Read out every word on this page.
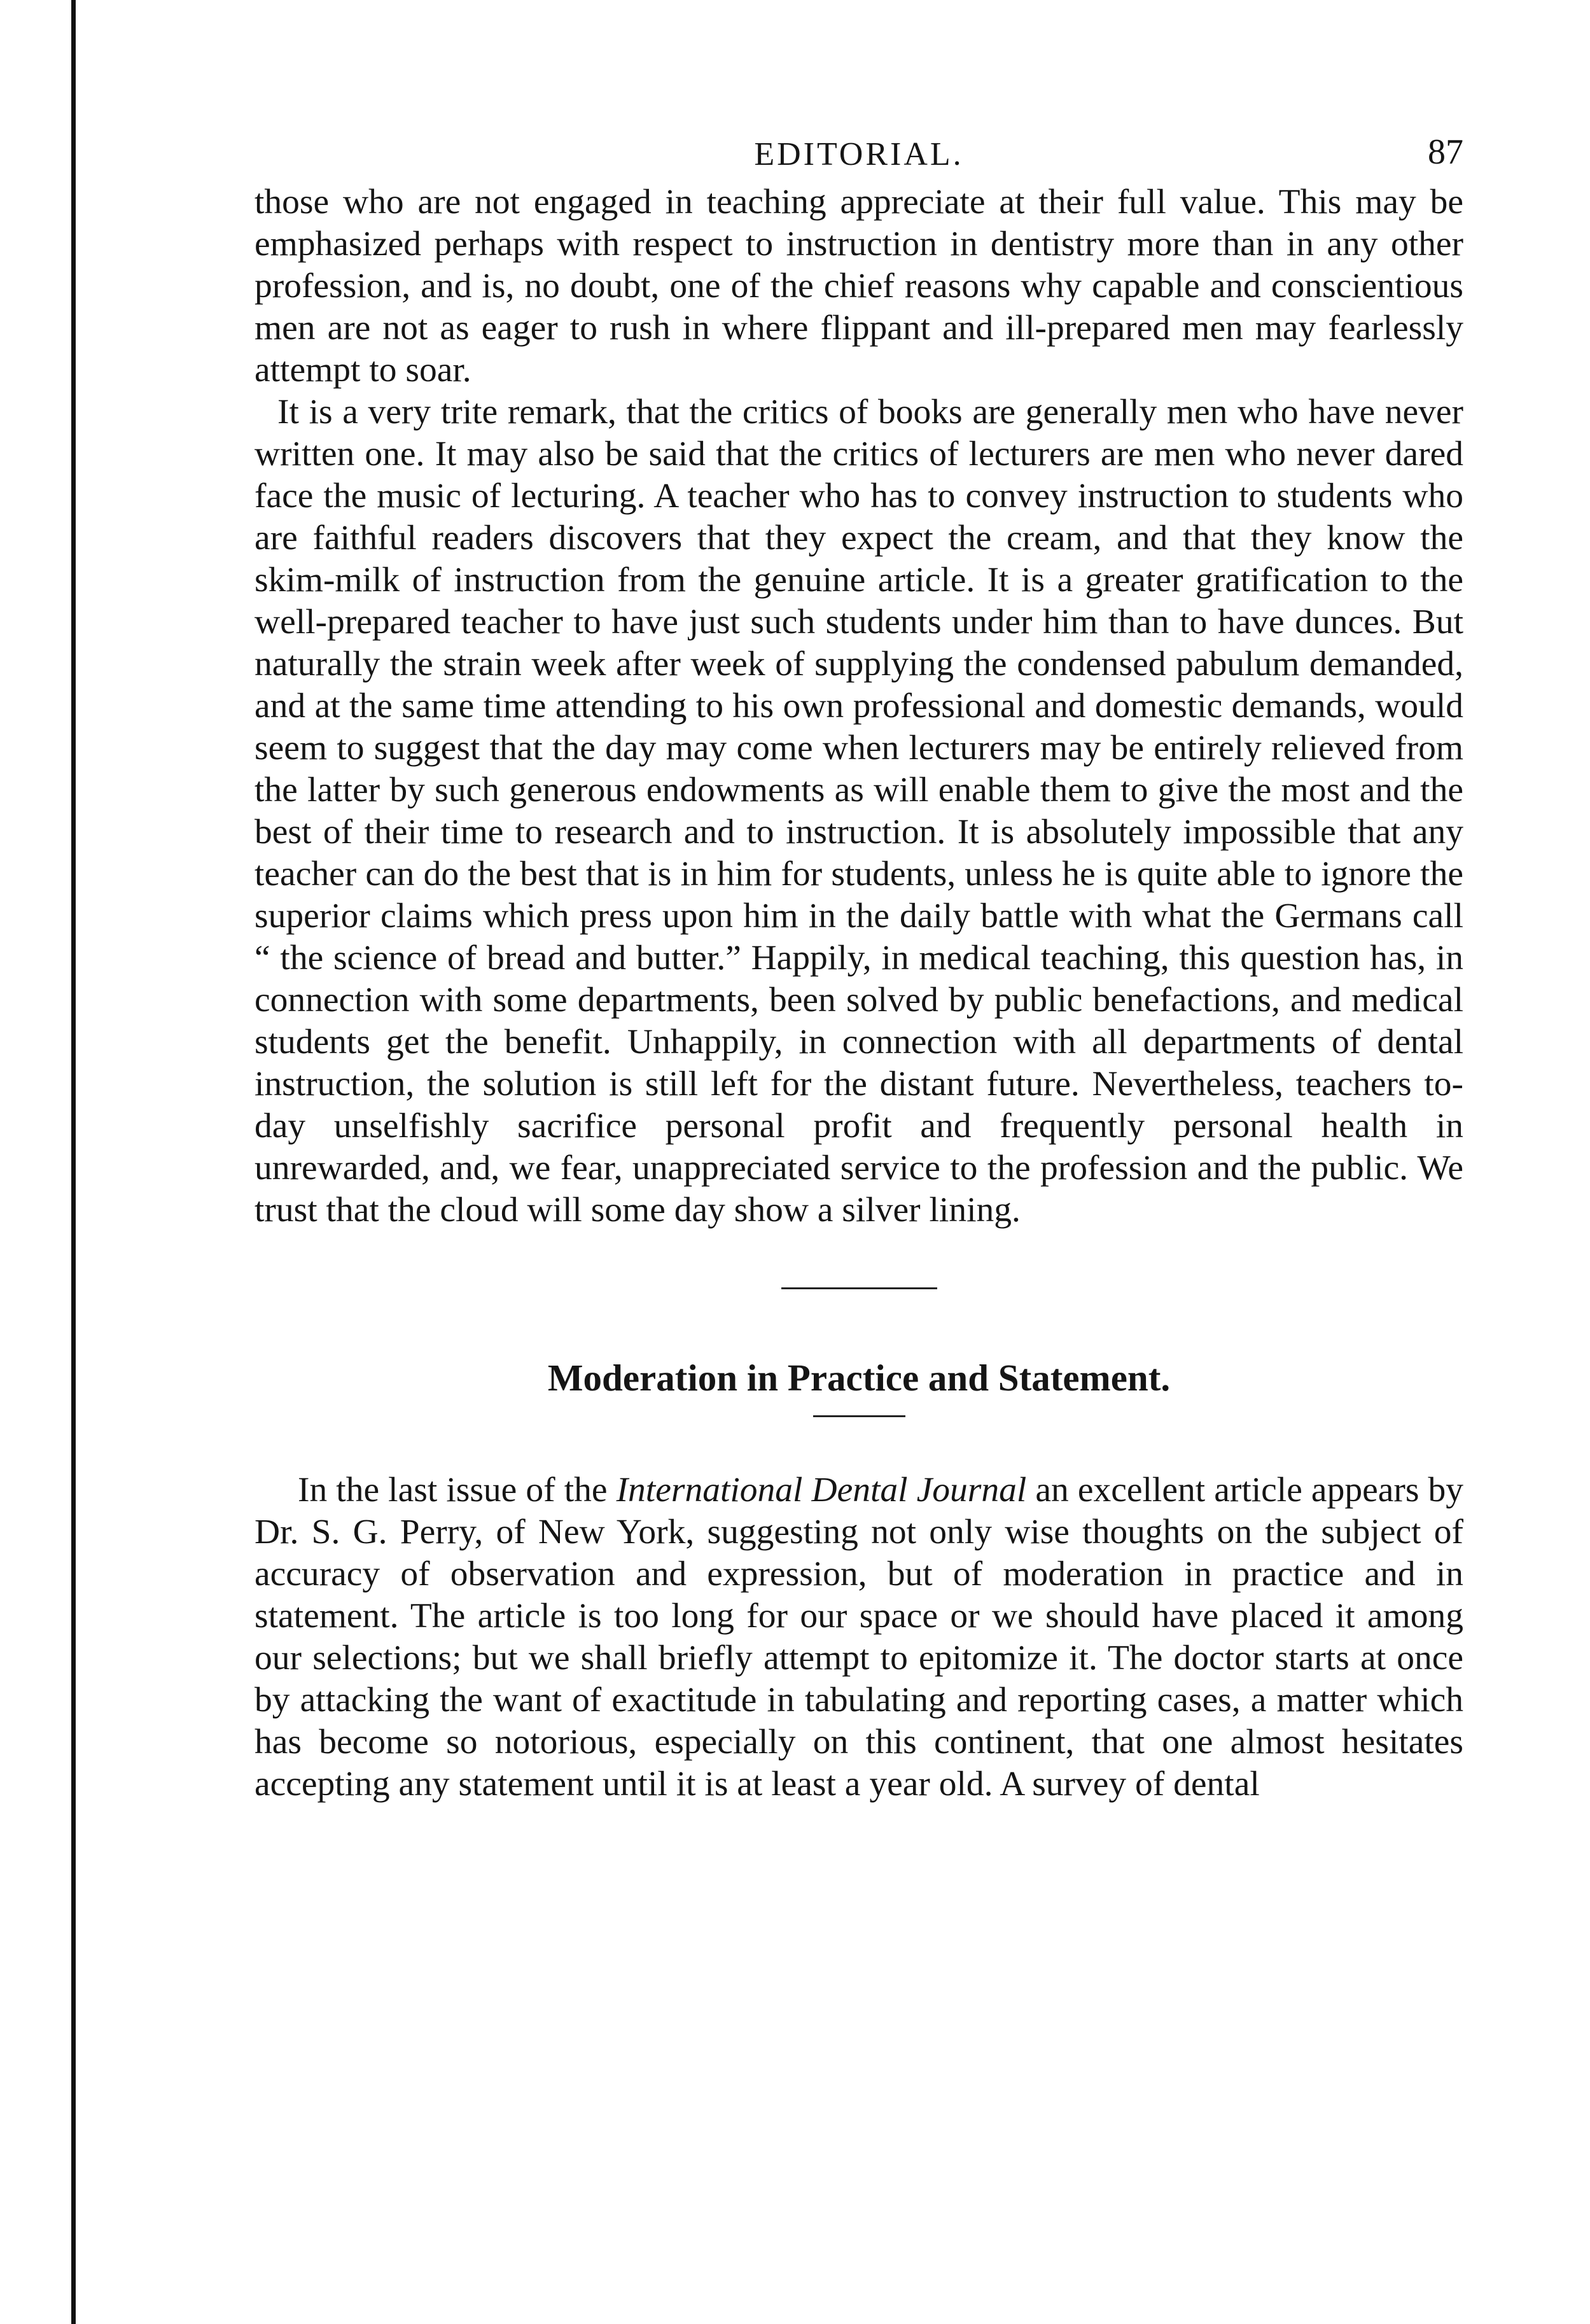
EDITORIAL.	87

those who are not engaged in teaching appreciate at their full value. This may be emphasized perhaps with respect to instruction in dentistry more than in any other profession, and is, no doubt, one of the chief reasons why capable and conscientious men are not as eager to rush in where flippant and ill-prepared men may fearlessly attempt to soar.

It is a very trite remark, that the critics of books are generally men who have never written one. It may also be said that the critics of lecturers are men who never dared face the music of lecturing. A teacher who has to convey instruction to students who are faithful readers discovers that they expect the cream, and that they know the skim-milk of instruction from the genuine article. It is a greater gratification to the well-prepared teacher to have just such students under him than to have dunces. But naturally the strain week after week of supplying the condensed pabulum demanded, and at the same time attending to his own professional and domestic demands, would seem to suggest that the day may come when lecturers may be entirely relieved from the latter by such generous endowments as will enable them to give the most and the best of their time to research and to instruction. It is absolutely impossible that any teacher can do the best that is in him for students, unless he is quite able to ignore the superior claims which press upon him in the daily battle with what the Germans call “ the science of bread and butter.” Happily, in medical teaching, this question has, in connection with some departments, been solved by public benefactions, and medical students get the benefit. Unhappily, in connection with all departments of dental instruction, the solution is still left for the distant future. Nevertheless, teachers to-day unselfishly sacrifice personal profit and frequently personal health in unrewarded, and, we fear, unappreciated service to the profession and the public. We trust that the cloud will some day show a silver lining.

Moderation in Practice and Statement.

In the last issue of the International Dental Journal an excellent article appears by Dr. S. G. Perry, of New York, suggesting not only wise thoughts on the subject of accuracy of observation and expression, but of moderation in practice and in statement. The article is too long for our space or we should have placed it among our selections; but we shall briefly attempt to epitomize it. The doctor starts at once by attacking the want of exactitude in tabulating and reporting cases, a matter which has become so notorious, especially on this continent, that one almost hesitates accepting any statement until it is at least a year old. A survey of dental
